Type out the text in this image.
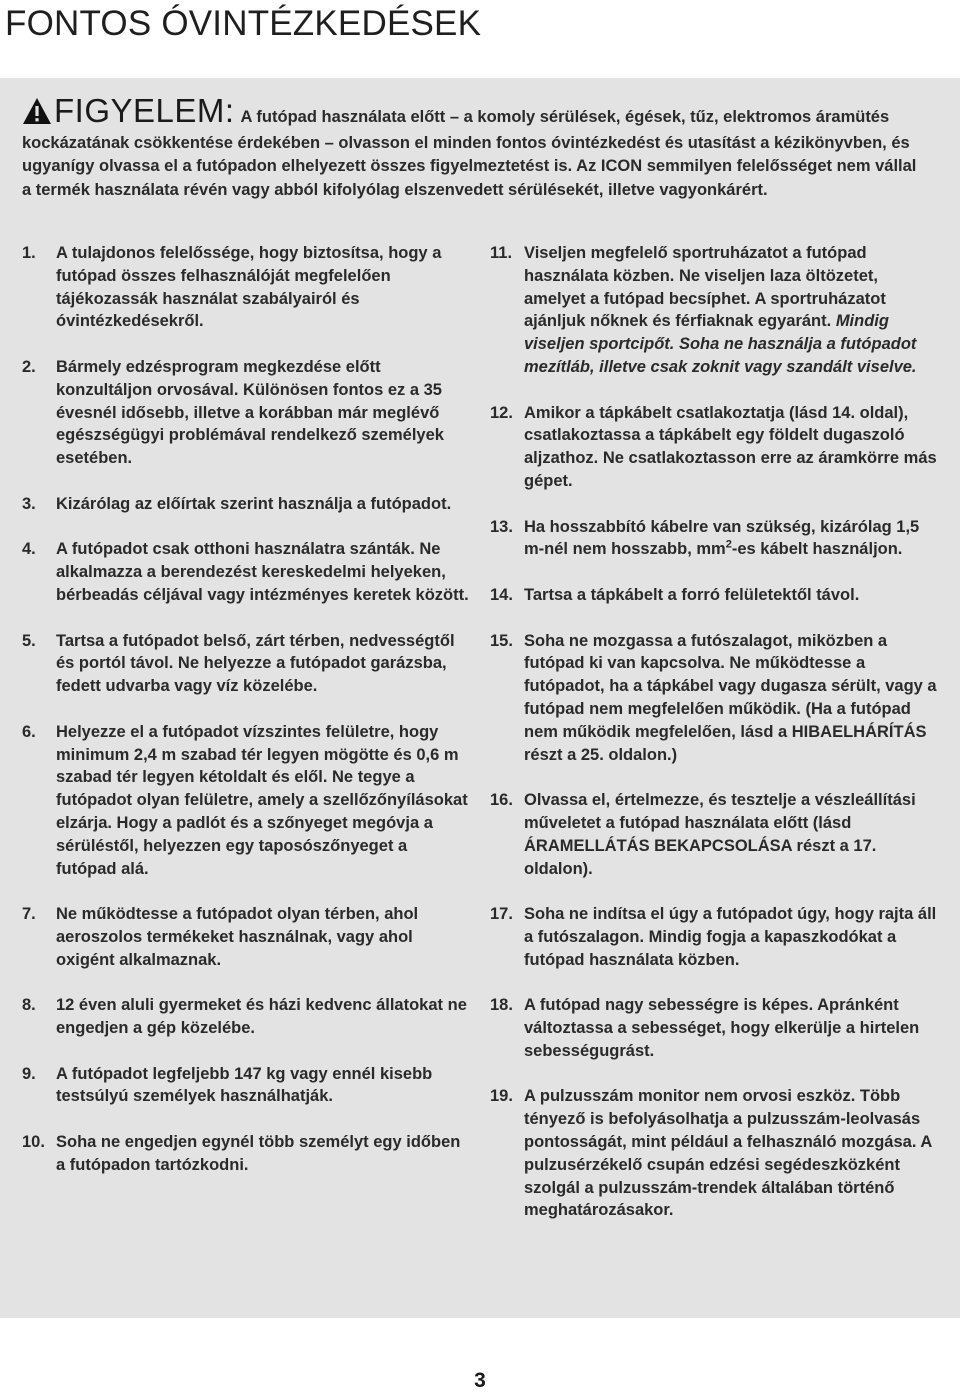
FONTOS ÓVINTÉZKEDÉSEK
FIGYELEM: A futópad használata előtt – a komoly sérülések, égések, tűz, elektromos áramütés kockázatának csökkentése érdekében – olvasson el minden fontos óvintézkedést és utasítást a kézikönyvben, és ugyanígy olvassa el a futópadon elhelyezett összes figyelmeztetést is. Az ICON semmilyen felelősséget nem vállal a termék használata révén vagy abból kifolyólag elszenvedett sérülésekét, illetve vagyonkárért.
1. A tulajdonos felelőssége, hogy biztosítsa, hogy a futópad összes felhasználóját megfelelően tájékozassák használat szabályairól és óvintézkedésekről.
2. Bármely edzésprogram megkezdése előtt konzultáljon orvosával. Különösen fontos ez a 35 évesnél idősebb, illetve a korábban már meglévő egészségügyi problémával rendelkező személyek esetében.
3. Kizárólag az előírtak szerint használja a futópadot.
4. A futópadot csak otthoni használatra szánták. Ne alkalmazza a berendezést kereskedelmi helyeken, bérbeadás céljával vagy intézményes keretek között.
5. Tartsa a futópadot belső, zárt térben, nedvességtől és portól távol. Ne helyezze a futópadot garázsba, fedett udvarba vagy víz közelébe.
6. Helyezze el a futópadot vízszintes felületre, hogy minimum 2,4 m szabad tér legyen mögötte és 0,6 m szabad tér legyen kétoldalt és elől. Ne tegye a futópadot olyan felületre, amely a szellőzőnyílásokat elzárja. Hogy a padlót és a szőnyeget megóvja a sérüléstől, helyezzen egy taposószőnyeget a futópad alá.
7. Ne működtesse a futópadot olyan térben, ahol aeroszolos termékeket használnak, vagy ahol oxigént alkalmaznak.
8. 12 éven aluli gyermeket és házi kedvenc állatokat ne engedjen a gép közelébe.
9. A futópadot legfeljebb 147 kg vagy ennél kisebb testsúlyú személyek használhatják.
10. Soha ne engedjen egynél több személyt egy időben a futópadon tartózkodni.
11. Viseljen megfelelő sportruházatot a futópad használata közben. Ne viseljen laza öltözetet, amelyet a futópad becsíphet. A sportruházatot ajánljuk nőknek és férfiaknak egyaránt. Mindig viseljen sportcipőt. Soha ne használja a futópadot mezítláb, illetve csak zoknit vagy szandált viselve.
12. Amikor a tápkábelt csatlakoztatja (lásd 14. oldal), csatlakoztassa a tápkábelt egy földelt dugaszoló aljzathoz. Ne csatlakoztasson erre az áramkörre más gépet.
13. Ha hosszabbító kábelre van szükség, kizárólag 1,5 m-nél nem hosszabb, $mm^2-es$ kábelt használjon.
14. Tartsa a tápkábelt a forró felületektől távol.
15. Soha ne mozgassa a futószalagot, miközben a futópad ki van kapcsolva. Ne működtesse a futópadot, ha a tápkábel vagy dugasza sérült, vagy a futópad nem megfelelően működik. (Ha a futópad nem működik megfelelően, lásd a HIBAELHÁRÍTÁS részt a 25. oldalon.)
16. Olvassa el, értelmezze, és tesztelje a vészleállítási műveletet a futópad használata előtt (lásd ÁRAMELLÁTÁS BEKAPCSOLÁSA részt a 17. oldalon).
17. Soha ne indítsa el úgy a futópadot úgy, hogy rajta áll a futószalagon. Mindig fogja a kapaszkodókat a futópad használata közben.
18. A futópad nagy sebességre is képes. Apránként változtassa a sebességet, hogy elkerülje a hirtelen sebességugrást.
19. A pulzusszám monitor nem orvosi eszköz. Több tényező is befolyásolhatja a pulzusszám-leolvasás pontosságát, mint például a felhasználó mozgása. A pulzusérzékelő csupán edzési segédeszközként szolgál a pulzusszám-trendek általában történő meghatározásakor.
3
